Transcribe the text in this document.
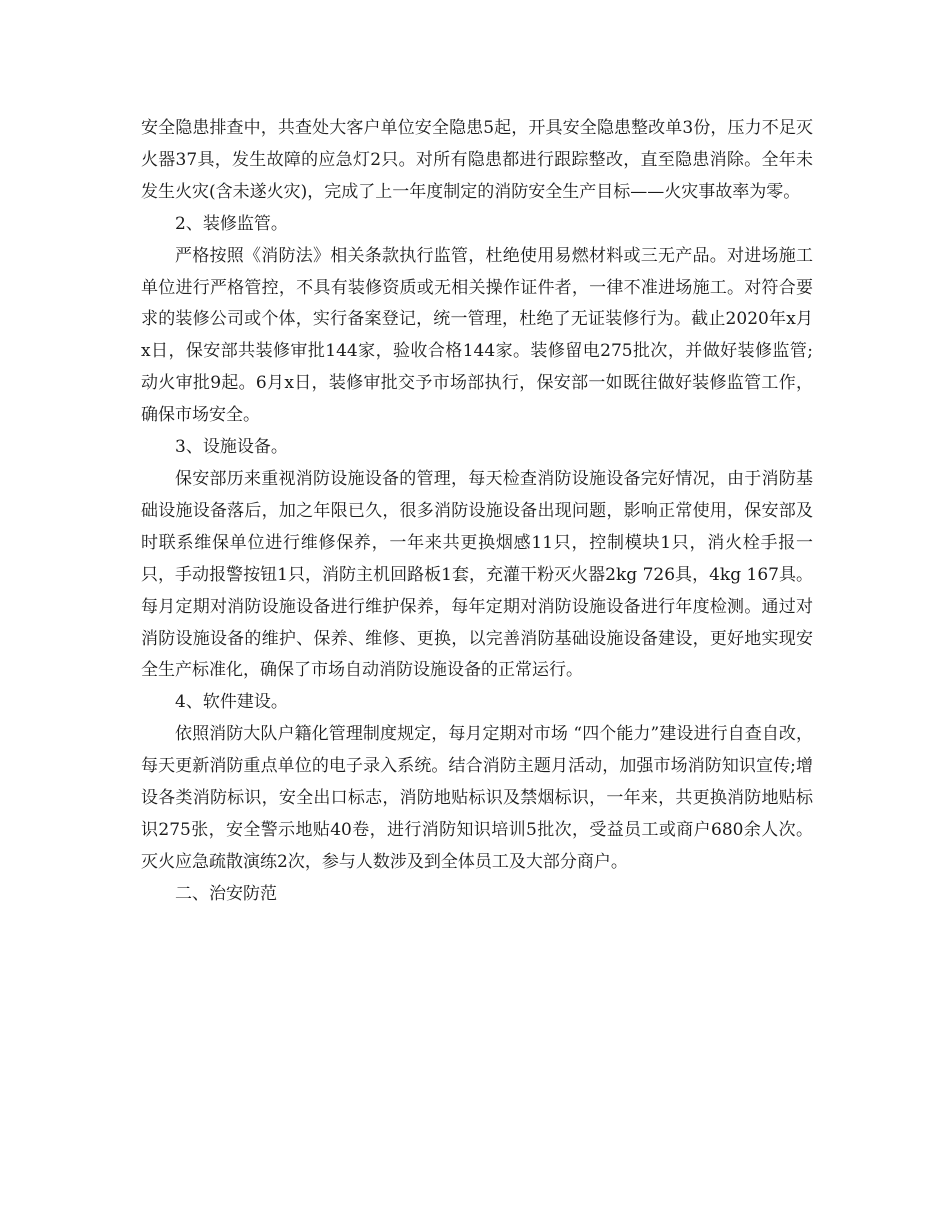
安全隐患排查中，共查处大客户单位安全隐患5起，开具安全隐患整改单3份，压力不足灭火器37具，发生故障的应急灯2只。对所有隐患都进行跟踪整改，直至隐患消除。全年未发生火灾(含未遂火灾)，完成了上一年度制定的消防安全生产目标——火灾事故率为零。

2、装修监管。

严格按照《消防法》相关条款执行监管，杜绝使用易燃材料或三无产品。对进场施工单位进行严格管控，不具有装修资质或无相关操作证件者，一律不准进场施工。对符合要求的装修公司或个体，实行备案登记，统一管理，杜绝了无证装修行为。截止2020年x月x日，保安部共装修审批144家，验收合格144家。装修留电275批次，并做好装修监管;动火审批9起。6月x日，装修审批交予市场部执行，保安部一如既往做好装修监管工作，确保市场安全。

3、设施设备。

保安部历来重视消防设施设备的管理，每天检查消防设施设备完好情况，由于消防基础设施设备落后，加之年限已久，很多消防设施设备出现问题，影响正常使用，保安部及时联系维保单位进行维修保养，一年来共更换烟感11只，控制模块1只，消火栓手报一只，手动报警按钮1只，消防主机回路板1套，充灌干粉灭火器2kg 726具，4kg 167具。每月定期对消防设施设备进行维护保养，每年定期对消防设施设备进行年度检测。通过对消防设施设备的维护、保养、维修、更换，以完善消防基础设施设备建设，更好地实现安全生产标准化，确保了市场自动消防设施设备的正常运行。

4、软件建设。

依照消防大队户籍化管理制度规定，每月定期对市场 “四个能力”建设进行自查自改，每天更新消防重点单位的电子录入系统。结合消防主题月活动，加强市场消防知识宣传;增设各类消防标识，安全出口标志，消防地贴标识及禁烟标识，一年来，共更换消防地贴标识275张，安全警示地贴40卷，进行消防知识培训5批次，受益员工或商户680余人次。灭火应急疏散演练2次，参与人数涉及到全体员工及大部分商户。

二、治安防范
